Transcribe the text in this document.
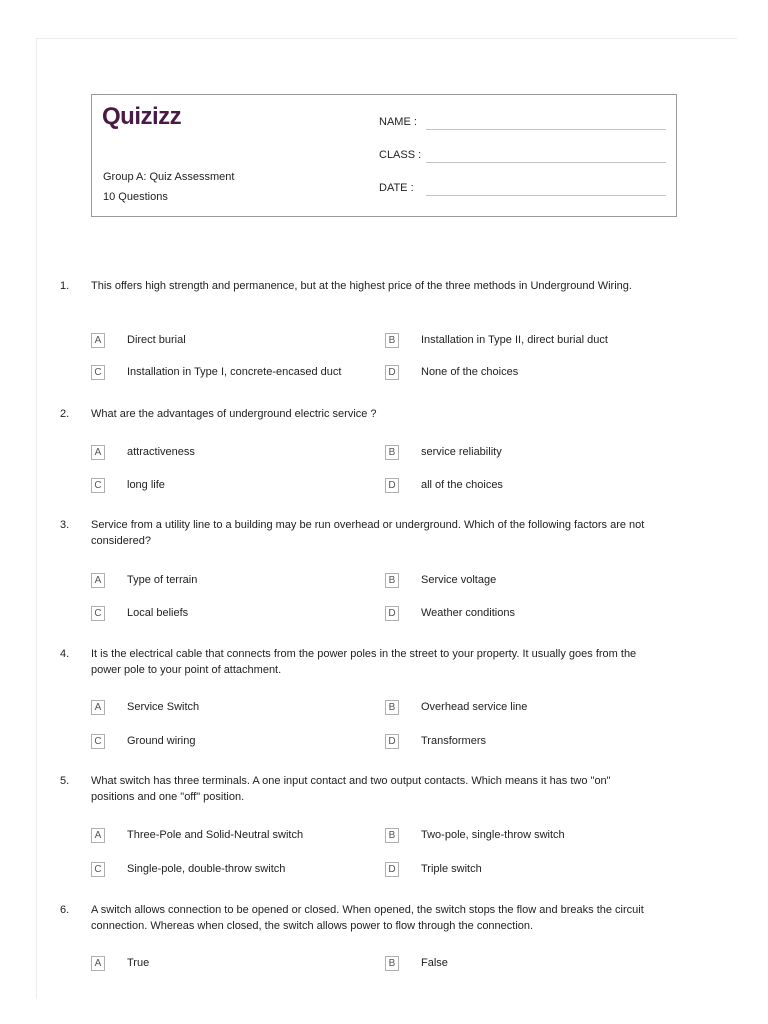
Quizizz
Group A: Quiz Assessment
10 Questions
NAME :
CLASS :
DATE :
1.	This offers high strength and permanence, but at the highest price of the three methods in Underground Wiring.
A	Direct burial	B	Installation in Type II, direct burial duct
C	Installation in Type I, concrete-encased duct	D	None of the choices
2.	What are the advantages of underground electric service ?
A	attractiveness	B	service reliability
C	long life	D	all of the choices
3.	Service from a utility line to a building may be run overhead or underground. Which of the following factors are not considered?
A	Type of terrain	B	Service voltage
C	Local beliefs	D	Weather conditions
4.	It is the electrical cable that connects from the power poles in the street to your property. It usually goes from the power pole to your point of attachment.
A	Service Switch	B	Overhead service line
C	Ground wiring	D	Transformers
5.	What switch has three terminals. A one input contact and two output contacts. Which means it has two "on" positions and one "off" position.
A	Three-Pole and Solid-Neutral switch	B	Two-pole, single-throw switch
C	Single-pole, double-throw switch	D	Triple switch
6.	A switch allows connection to be opened or closed. When opened, the switch stops the flow and breaks the circuit connection. Whereas when closed, the switch allows power to flow through the connection.
A	True	B	False
